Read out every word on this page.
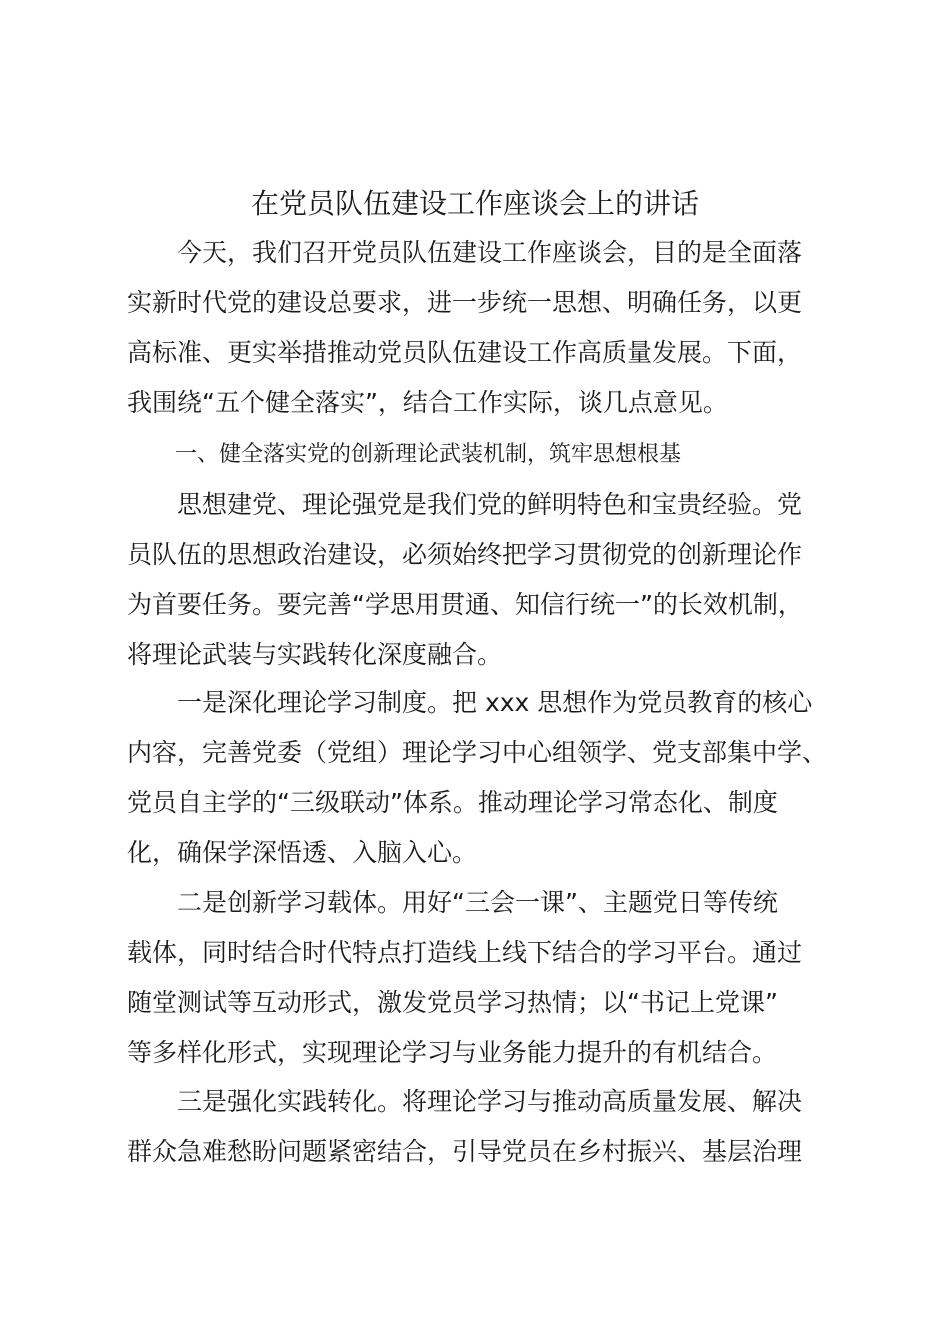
在党员队伍建设工作座谈会上的讲话
今天，我们召开党员队伍建设工作座谈会，目的是全面落
实新时代党的建设总要求，进一步统一思想、明确任务，以更
高标准、更实举措推动党员队伍建设工作高质量发展。下面，
我围绕“五个健全落实”，结合工作实际，谈几点意见。
一、健全落实党的创新理论武装机制，筑牢思想根基
思想建党、理论强党是我们党的鲜明特色和宝贵经验。党
员队伍的思想政治建设，必须始终把学习贯彻党的创新理论作
为首要任务。要完善“学思用贯通、知信行统一”的长效机制，
将理论武装与实践转化深度融合。
一是深化理论学习制度。把 xxx 思想作为党员教育的核心
内容，完善党委（党组）理论学习中心组领学、党支部集中学、
党员自主学的“三级联动”体系。推动理论学习常态化、制度
化，确保学深悟透、入脑入心。
二是创新学习载体。用好“三会一课”、主题党日等传统
载体，同时结合时代特点打造线上线下结合的学习平台。通过
随堂测试等互动形式，激发党员学习热情；以“书记上党课”
等多样化形式，实现理论学习与业务能力提升的有机结合。
三是强化实践转化。将理论学习与推动高质量发展、解决
群众急难愁盼问题紧密结合，引导党员在乡村振兴、基层治理
